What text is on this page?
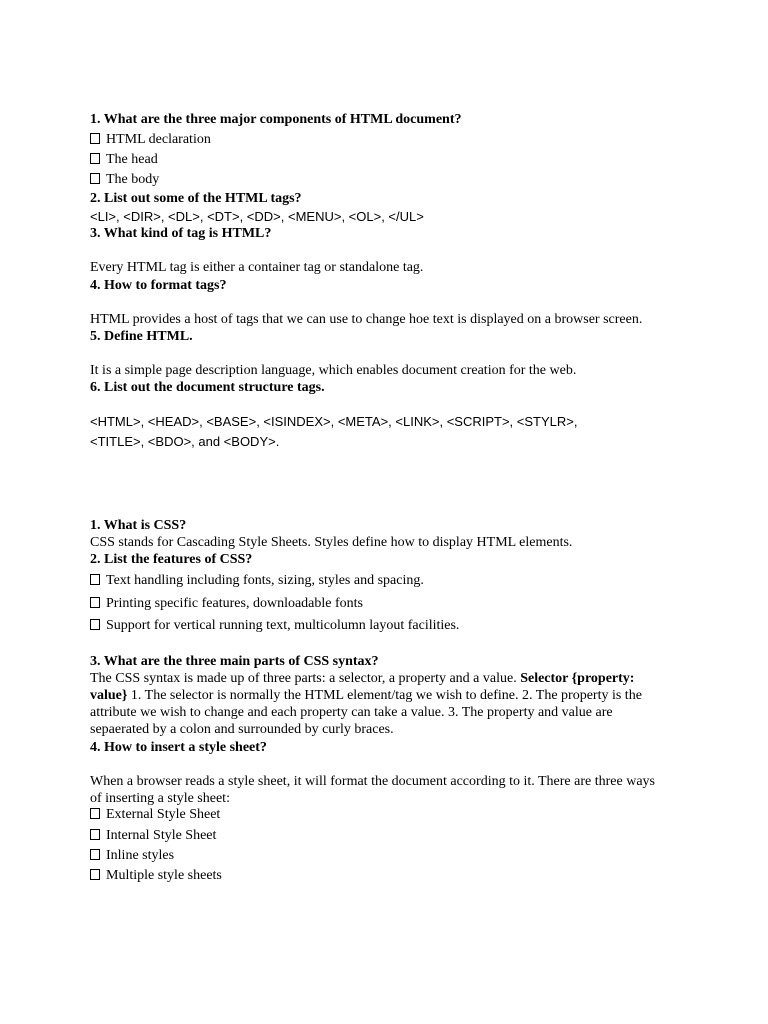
1. What are the three major components of HTML document?
HTML declaration
The head
The body
2. List out some of the HTML tags?
<LI>, <DIR>, <DL>, <DT>, <DD>, <MENU>, <OL>, </UL>
3. What kind of tag is HTML?
Every HTML tag is either a container tag or standalone tag.
4. How to format tags?
HTML provides a host of tags that we can use to change hoe text is displayed on a browser screen.
5. Define HTML.
It is a simple page description language, which enables document creation for the web.
6. List out the document structure tags.
<HTML>, <HEAD>, <BASE>, <ISINDEX>, <META>, <LINK>, <SCRIPT>, <STYLR>,
<TITLE>, <BDO>, and <BODY>.
1. What is CSS?
CSS stands for Cascading Style Sheets. Styles define how to display HTML elements.
2. List the features of CSS?
Text handling including fonts, sizing, styles and spacing.
Printing specific features, downloadable fonts
Support for vertical running text, multicolumn layout facilities.
3. What are the three main parts of CSS syntax?
The CSS syntax is made up of three parts: a selector, a property and a value. Selector {property:
value} 1. The selector is normally the HTML element/tag we wish to define. 2. The property is the
attribute we wish to change and each property can take a value. 3. The property and value are
sepaerated by a colon and surrounded by curly braces.
4. How to insert a style sheet?
When a browser reads a style sheet, it will format the document according to it. There are three ways
of inserting a style sheet:
External Style Sheet
Internal Style Sheet
Inline styles
Multiple style sheets
